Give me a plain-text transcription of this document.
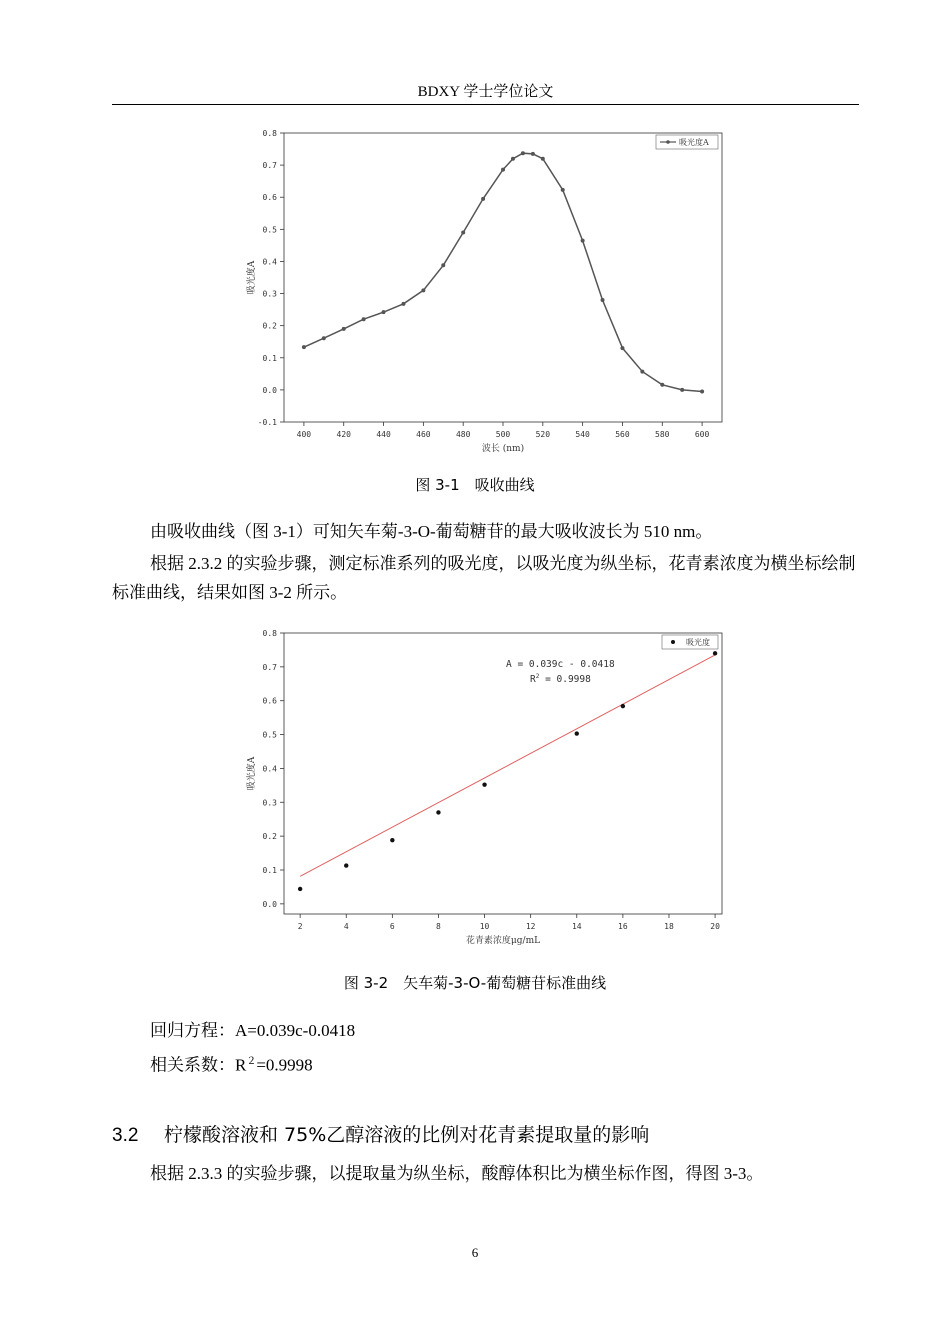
BDXY 学士学位论文
400	420	440	460	480	500	520	540	560	580	600
-0.1
0.0
0.1
0.2
0.3
0.4
0.5
0.6
0.7
0.8
波长 (nm)
吸光度A
吸光度A
图 3-1　吸收曲线
由吸收曲线（图 3-1）可知矢车菊-3-O-葡萄糖苷的最大吸收波长为 510 nm。
根据 2.3.2 的实验步骤，测定标准系列的吸光度，以吸光度为纵坐标，花青素浓度为横坐标绘制标准曲线，结果如图 3-2 所示。
2	4	6	8	10	12	14	16	18	20
0.0
0.1
0.2
0.3
0.4
0.5
0.6
0.7
0.8
花青素浓度μg/mL
吸光度A
吸光度
A = 0.039c - 0.0418
$R^2 = 0.9998$
图 3-2　矢车菊-3-O-葡萄糖苷标准曲线
回归方程：A=0.039c-0.0418
相关系数：$R^2=0.9998$
3.2 柠檬酸溶液和 75%乙醇溶液的比例对花青素提取量的影响
根据 2.3.3 的实验步骤，以提取量为纵坐标，酸醇体积比为横坐标作图，得图 3-3。
6
